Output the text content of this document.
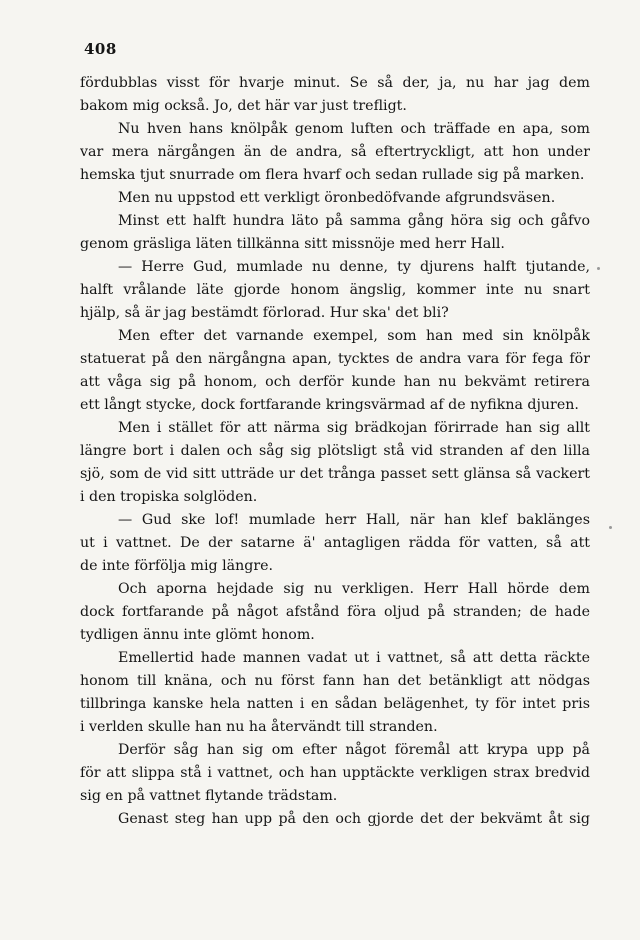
408
fördubblas visst för hvarje minut. Se så der, ja, nu har jag dem
bakom mig också. Jo, det här var just trefligt.
Nu hven hans knölpåk genom luften och träffade en apa, som
var mera närgången än de andra, så eftertryckligt, att hon under
hemska tjut snurrade om flera hvarf och sedan rullade sig på marken.
Men nu uppstod ett verkligt öronbedöfvande afgrundsväsen.
Minst ett halft hundra läto på samma gång höra sig och gåfvo
genom gräsliga läten tillkänna sitt missnöje med herr Hall.
— Herre Gud, mumlade nu denne, ty djurens halft tjutande,
halft vrålande läte gjorde honom ängslig, kommer inte nu snart
hjälp, så är jag bestämdt förlorad. Hur ska' det bli?
Men efter det varnande exempel, som han med sin knölpåk
statuerat på den närgångna apan, tycktes de andra vara för fega för
att våga sig på honom, och derför kunde han nu bekvämt retirera
ett långt stycke, dock fortfarande kringsvärmad af de nyfikna djuren.
Men i stället för att närma sig brädkojan förirrade han sig allt
längre bort i dalen och såg sig plötsligt stå vid stranden af den lilla
sjö, som de vid sitt utträde ur det trånga passet sett glänsa så vackert
i den tropiska solglöden.
— Gud ske lof! mumlade herr Hall, när han klef baklänges
ut i vattnet. De der satarne ä' antagligen rädda för vatten, så att
de inte förfölja mig längre.
Och aporna hejdade sig nu verkligen. Herr Hall hörde dem
dock fortfarande på något afstånd föra oljud på stranden; de hade
tydligen ännu inte glömt honom.
Emellertid hade mannen vadat ut i vattnet, så att detta räckte
honom till knäna, och nu först fann han det betänkligt att nödgas
tillbringa kanske hela natten i en sådan belägenhet, ty för intet pris
i verlden skulle han nu ha återvändt till stranden.
Derför såg han sig om efter något föremål att krypa upp på
för att slippa stå i vattnet, och han upptäckte verkligen strax bredvid
sig en på vattnet flytande trädstam.
Genast steg han upp på den och gjorde det der bekvämt åt sig
